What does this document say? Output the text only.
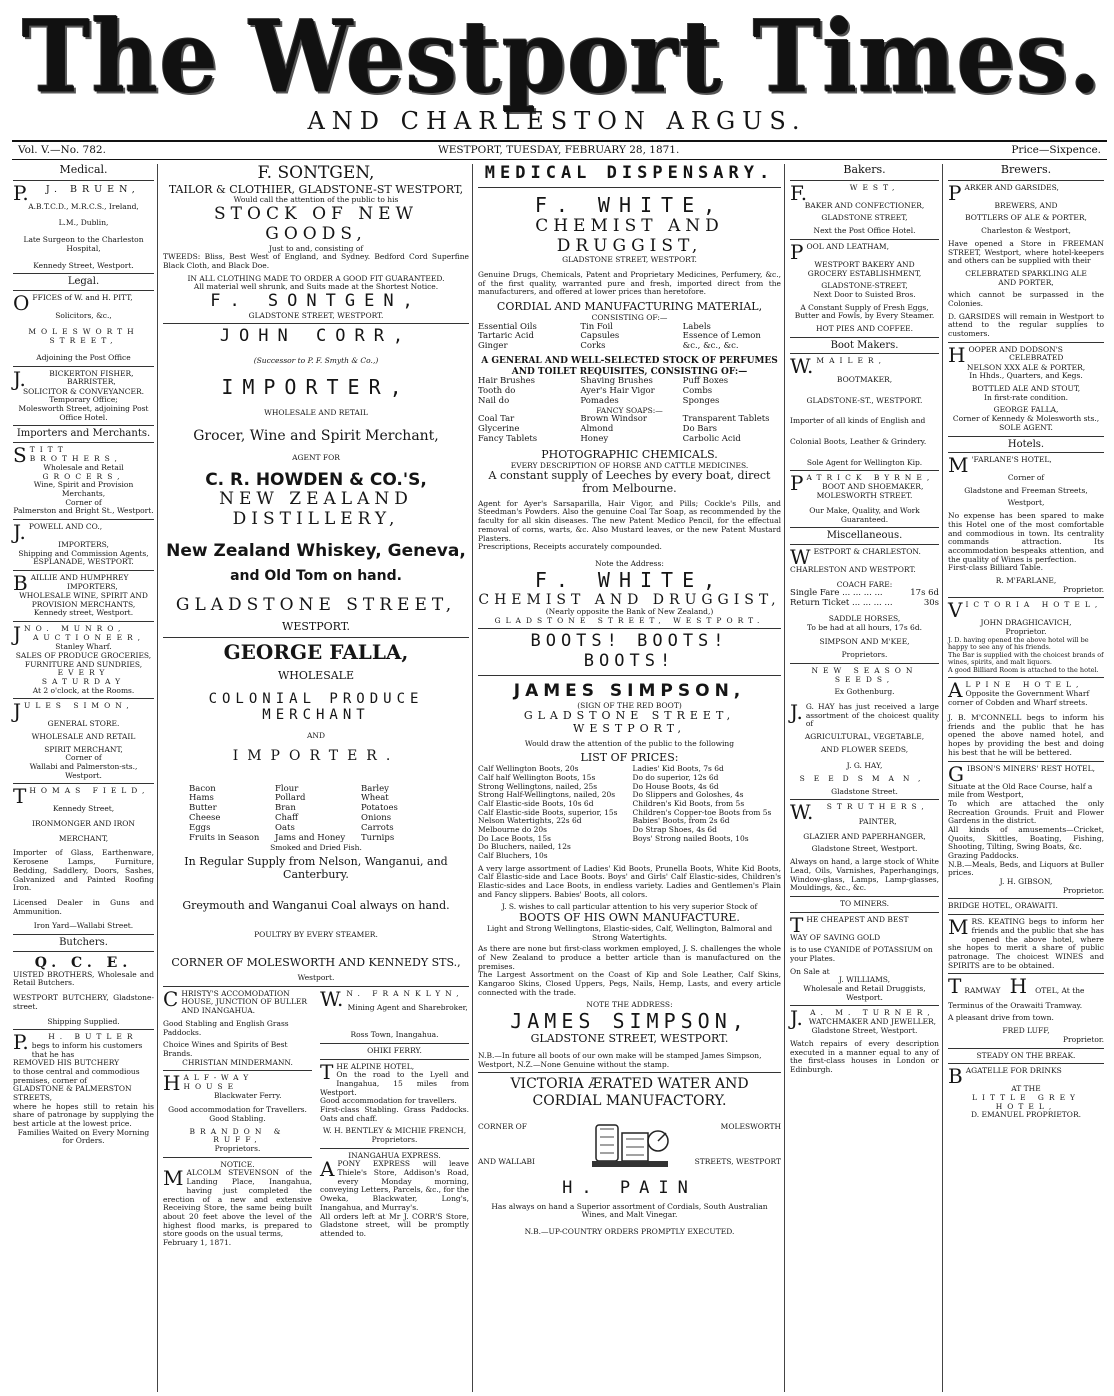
The Westport Times.
AND CHARLESTON ARGUS.
Vol. V.—No. 782.	WESTPORT, TUESDAY, FEBRUARY 28, 1871.	Price—Sixpence.
Medical.
P.	J. BRUEN,
A.B.T.C.D., M.R.C.S., Ireland,
L.M., Dublin,
Late Surgeon to the Charleston Hospital,
Kennedy Street, Westport.
Legal.
O FFICES of W. and H. PITT,
Solicitors, &c.,
MOLESWORTH STREET,
Adjoining the Post Office
J.	BICKERTON FISHER,
BARRISTER,
SOLICITOR & CONVEYANCER.
Temporary Office;
Molesworth Street, adjoining Post Office Hotel.
Importers and Merchants.
S TITT BROTHERS,
Wholesale and Retail
GROCERS,
Wine, Spirit and Provision Merchants,
Corner of
Palmerston and Bright St., Westport.
J. POWELL AND CO.,
IMPORTERS,
Shipping and Commission Agents,
ESPLANADE, WESTPORT.
B AILLIE AND HUMPHREY
IMPORTERS,
WHOLESALE WINE, SPIRIT AND PROVISION MERCHANTS,
Kennedy street, Westport.
J NO. MUNRO,
AUCTIONEER,
Stanley Wharf.
SALES OF PRODUCE GROCERIES, FURNITURE AND SUNDRIES,
EVERY SATURDAY
At 2 o'clock, at the Rooms.
J ULES SIMON,
GENERAL STORE.
WHOLESALE AND RETAIL
SPIRIT MERCHANT,
Corner of
Wallabi and Palmerston-sts., Westport.
T HOMAS FIELD,
Kennedy Street,
IRONMONGER AND IRON
MERCHANT,
Importer of Glass, Earthenware, Kerosene Lamps, Furniture, Bedding, Saddlery, Doors, Sashes, Galvanized and Painted Roofing Iron.
Licensed Dealer in Guns and Ammunition.
Iron Yard—Wallabi Street.
Butchers.
Q. C. E.
UISTED BROTHERS, Wholesale and Retail Butchers.
WESTPORT BUTCHERY, Gladstone-street.
Shipping Supplied.
P.	H. BUTLER
begs to inform his customers that he has
REMOVED HIS BUTCHERY
to those central and commodious premises, corner of
GLADSTONE & PALMERSTON STREETS,
where he hopes still to retain his share of patronage by supplying the best article at the lowest price.
Families Waited on Every Morning for Orders.
F. SONTGEN,
TAILOR & CLOTHIER, GLADSTONE-ST WESTPORT,
Would call the attention of the public to his
STOCK OF NEW GOODS,
Just to and, consisting of
TWEEDS: Bliss, Best West of England, and Sydney. Bedford Cord Superfine Black Cloth, and Black Doe.
IN ALL CLOTHING MADE TO ORDER A GOOD FIT GUARANTEED.
All material well shrunk, and Suits made at the Shortest Notice.
F. SONTGEN,
GLADSTONE STREET, WESTPORT.
JOHN CORR,
(Successor to P. F. Smyth & Co.,)
IMPORTER,
WHOLESALE AND RETAIL
Grocer, Wine and Spirit Merchant,
AGENT FOR
C. R. HOWDEN & CO.'S,
NEW ZEALAND DISTILLERY,
New Zealand Whiskey, Geneva,
and Old Tom on hand.
GLADSTONE STREET,
WESTPORT.
GEORGE FALLA,
WHOLESALE
COLONIAL PRODUCE MERCHANT
AND
IMPORTER.
Bacon	Flour	Barley
Hams	Pollard	Wheat
Butter	Bran	Potatoes
Cheese	Chaff	Onions
Eggs	Oats	Carrots
Fruits in Season	Jams and Honey	Turnips
Smoked and Dried Fish.
In Regular Supply from Nelson, Wanganui, and Canterbury.
Greymouth and Wanganui Coal always on hand.
POULTRY BY EVERY STEAMER.
CORNER OF MOLESWORTH AND KENNEDY STS.,
Westport.
C HRISTY'S ACCOMODATION HOUSE, JUNCTION OF BULLER AND INANGAHUA.
Good Stabling and English Grass Paddocks.
Choice Wines and Spirits of Best Brands.
CHRISTIAN MINDERMANN.
H ALF-WAY HOUSE
Blackwater Ferry.
Good accommodation for Travellers.
Good Stabling.
BRANDON & RUFF,
Proprietors.
NOTICE.
M ALCOLM STEVENSON of the Landing Place, Inangahua, having just completed the erection of a new and extensive Receiving Store, the same being built about 20 feet above the level of the highest flood marks, is prepared to store goods on the usual terms,
February 1, 1871.
W. N. FRANKLYN,
Mining Agent and Sharebroker,
Ross Town, Inangahua.
OHIKI FERRY.
T HE ALPINE HOTEL,
On the road to the Lyell and Inangahua, 15 miles from Westport.
Good accommodation for travellers.
First-class Stabling. Grass Paddocks. Oats and chaff.
W. H. BENTLEY & MICHIE FRENCH,
Proprietors.
INANGAHUA EXPRESS.
A PONY EXPRESS will leave Thiele's Store, Addison's Road, every Monday morning, conveying Letters, Parcels, &c., for the Oweka, Blackwater, Long's, Inangahua, and Murray's.
All orders left at Mr J. CORR'S Store, Gladstone street, will be promptly attended to.
MEDICAL DISPENSARY.
F. WHITE,
CHEMIST AND DRUGGIST,
GLADSTONE STREET, WESTPORT.
Genuine Drugs, Chemicals, Patent and Proprietary Medicines, Perfumery, &c., of the first quality, warranted pure and fresh, imported direct from the manufacturers, and offered at lower prices than heretofore.
CORDIAL AND MANUFACTURING MATERIAL,
CONSISTING OF:—
Essential Oils	Tin Foil	Labels
Tartaric Acid	Capsules	Essence of Lemon
Ginger	Corks	&c., &c., &c.
A GENERAL AND WELL-SELECTED STOCK OF PERFUMES AND TOILET REQUISITES, CONSISTING OF:—
Hair Brushes	Shaving Brushes	Puff Boxes
Tooth do	Ayer's Hair Vigor	Combs
Nail do	Pomades	Sponges
FANCY SOAPS:—
Coal Tar	Brown Windsor	Transparent Tablets
Glycerine	Almond	Do Bars
Fancy Tablets	Honey	Carbolic Acid
PHOTOGRAPHIC CHEMICALS.
EVERY DESCRIPTION OF HORSE AND CATTLE MEDICINES.
A constant supply of Leeches by every boat, direct from Melbourne.
Agent for Ayer's Sarsaparilla, Hair Vigor, and Pills; Cockle's Pills, and Steedman's Powders. Also the genuine Coal Tar Soap, as recommended by the faculty for all skin diseases. The new Patent Medico Pencil, for the effectual removal of corns, warts, &c. Also Mustard leaves, or the new Patent Mustard Plasters.
Prescriptions, Receipts accurately compounded.
Note the Address:
F. WHITE,
CHEMIST AND DRUGGIST,
(Nearly opposite the Bank of New Zealand,)
GLADSTONE STREET, WESTPORT.
BOOTS! BOOTS! BOOTS!
JAMES SIMPSON,
(SIGN OF THE RED BOOT)
GLADSTONE STREET, WESTPORT,
Would draw the attention of the public to the following
LIST OF PRICES:
Calf Wellington Boots, 20s
Calf half Wellington Boots, 15s
Strong Wellingtons, nailed, 25s
Strong Half-Wellingtons, nailed, 20s
Calf Elastic-side Boots, 10s 6d
Calf Elastic-side Boots, superior, 15s
Nelson Watertights, 22s 6d
Melbourne do 20s
Do Lace Boots, 15s
Do Bluchers, nailed, 12s
Calf Bluchers, 10s
Ladies' Kid Boots, 7s 6d
Do do superior, 12s 6d
Do House Boots, 4s 6d
Do Slippers and Goloshes, 4s
Children's Kid Boots, from 5s
Children's Copper-toe Boots from 5s
Babies' Boots, from 2s 6d
Do Strap Shoes, 4s 6d
Boys' Strong nailed Boots, 10s
A very large assortment of Ladies' Kid Boots, Prunella Boots, White Kid Boots, Calf Elastic-side and Lace Boots. Boys' and Girls' Calf Elastic-sides, Children's Elastic-sides and Lace Boots, in endless variety. Ladies and Gentlemen's Plain and Fancy slippers. Babies' Boots, all colors.
J. S. wishes to call particular attention to his very superior Stock of
BOOTS OF HIS OWN MANUFACTURE.
Light and Strong Wellingtons, Elastic-sides, Calf, Wellington, Balmoral and Strong Watertights.
As there are none but first-class workmen employed, J. S. challenges the whole of New Zealand to produce a better article than is manufactured on the premises.
The Largest Assortment on the Coast of Kip and Sole Leather, Calf Skins, Kangaroo Skins, Closed Uppers, Pegs, Nails, Hemp, Lasts, and every article connected with the trade.
NOTE THE ADDRESS:
JAMES SIMPSON,
GLADSTONE STREET, WESTPORT.
N.B.—In future all boots of our own make will be stamped James Simpson, Westport, N.Z.—None Genuine without the stamp.
VICTORIA ÆRATED WATER AND CORDIAL MANUFACTORY.
CORNER OF
AND WALLABI
MOLESWORTH
STREETS, WESTPORT
H. PAIN
Has always on hand a Superior assortment of Cordials, South Australian Wines, and Malt Vinegar.
N.B.—UP-COUNTRY ORDERS PROMPTLY EXECUTED.
Bakers.
F.	WEST,
BAKER AND CONFECTIONER,
GLADSTONE STREET,
Next the Post Office Hotel.
P OOL AND LEATHAM,
WESTPORT BAKERY AND
GROCERY ESTABLISHMENT,
GLADSTONE-STREET,
Next Door to Suisted Bros.
A Constant Supply of Fresh Eggs, Butter and Fowls, by Every Steamer.
HOT PIES AND COFFEE.
Boot Makers.
W. MAILER,
BOOTMAKER,
GLADSTONE-ST., WESTPORT.
Importer of all kinds of English and
Colonial Boots, Leather & Grindery.
Sole Agent for Wellington Kip.
P ATRICK BYRNE,
BOOT AND SHOEMAKER,
MOLESWORTH STREET.
Our Make, Quality, and Work Guaranteed.
Miscellaneous.
W ESTPORT & CHARLESTON.
CHARLESTON AND WESTPORT.
COACH FARE:
Single Fare ... ... ... ...	17s 6d
Return Ticket ... ... ... ...	30s
SADDLE HORSES,
To be had at all hours, 17s 6d.
SIMPSON AND M'KEE,
Proprietors.
NEW SEASON SEEDS,
Ex Gothenburg.
J. G. HAY has just received a large assortment of the choicest quality of
AGRICULTURAL, VEGETABLE,
AND FLOWER SEEDS,
J. G. HAY,
SEEDSMAN,
Gladstone Street.
W.	STRUTHERS,
PAINTER,
GLAZIER AND PAPERHANGER,
Gladstone Street, Westport.
Always on hand, a large stock of White Lead, Oils, Varnishes, Paperhangings, Window-glass, Lamps, Lamp-glasses, Mouldings, &c., &c.
TO MINERS.
T HE CHEAPEST AND BEST
WAY OF SAVING GOLD
is to use CYANIDE of POTASSIUM on your Plates.
On Sale at
J. WILLIAMS,
Wholesale and Retail Druggists,
Westport.
J. A. M. TURNER,
WATCHMAKER AND JEWELLER,
Gladstone Street, Westport.
Watch repairs of every description executed in a manner equal to any of the first-class houses in London or Edinburgh.
Brewers.
P ARKER AND GARSIDES,
BREWERS, AND
BOTTLERS OF ALE & PORTER,
Charleston & Westport,
Have opened a Store in FREEMAN STREET, Westport, where hotel-keepers and others can be supplied with their
CELEBRATED SPARKLING ALE
AND PORTER,
which cannot be surpassed in the Colonies.
D. GARSIDES will remain in Westport to attend to the regular supplies to customers.
H OOPER AND DODSON'S
CELEBRATED
NELSON XXX ALE & PORTER,
In Hhds., Quarters, and Kegs.
BOTTLED ALE AND STOUT,
In first-rate condition.
GEORGE FALLA,
Corner of Kennedy & Molesworth sts.,
SOLE AGENT.
Hotels.
M 'FARLANE'S HOTEL,
Corner of
Gladstone and Freeman Streets,
Westport,
No expense has been spared to make this Hotel one of the most comfortable and commodious in town. Its centrality commands attraction. Its accommodation bespeaks attention, and the quality of Wines is perfection.
First-class Billiard Table.
R. M'FARLANE,
Proprietor.
V ICTORIA HOTEL,
JOHN DRAGHICAVICH,
Proprietor.
J. D. having opened the above hotel will be happy to see any of his friends.
The Bar is supplied with the choicest brands of wines, spirits, and malt liquors.
A good Billiard Room is attached to the hotel.
A LPINE HOTEL,
Opposite the Government Wharf
corner of Cobden and Wharf streets.
J. B. M'CONNELL begs to inform his friends and the public that he has opened the above named hotel, and hopes by providing the best and doing his best that he will be bettered.
G IBSON'S MINERS' REST HOTEL,
Situate at the Old Race Course, half a mile from Westport,
To which are attached the only Recreation Grounds. Fruit and Flower Gardens in the district.
All kinds of amusements—Cricket, Quoits, Skittles, Boating, Fishing, Shooting, Tilting, Swing Boats, &c.
Grazing Paddocks.
N.B.—Meals, Beds, and Liquors at Buller prices.
J. H. GIBSON,
Proprietor.
BRIDGE HOTEL, ORAWAITI.
M RS. KEATING begs to inform her friends and the public that she has opened the above hotel, where she hopes to merit a share of public patronage. The choicest WINES and SPIRITS are to be obtained.
T RAMWAY H OTEL, At the
Terminus of the Orawaiti Tramway.
A pleasant drive from town.
FRED LUFF,
Proprietor.
STEADY ON THE BREAK.
B AGATELLE FOR DRINKS
AT THE
LITTLE GREY HOTEL,
D. EMANUEL PROPRIETOR.
